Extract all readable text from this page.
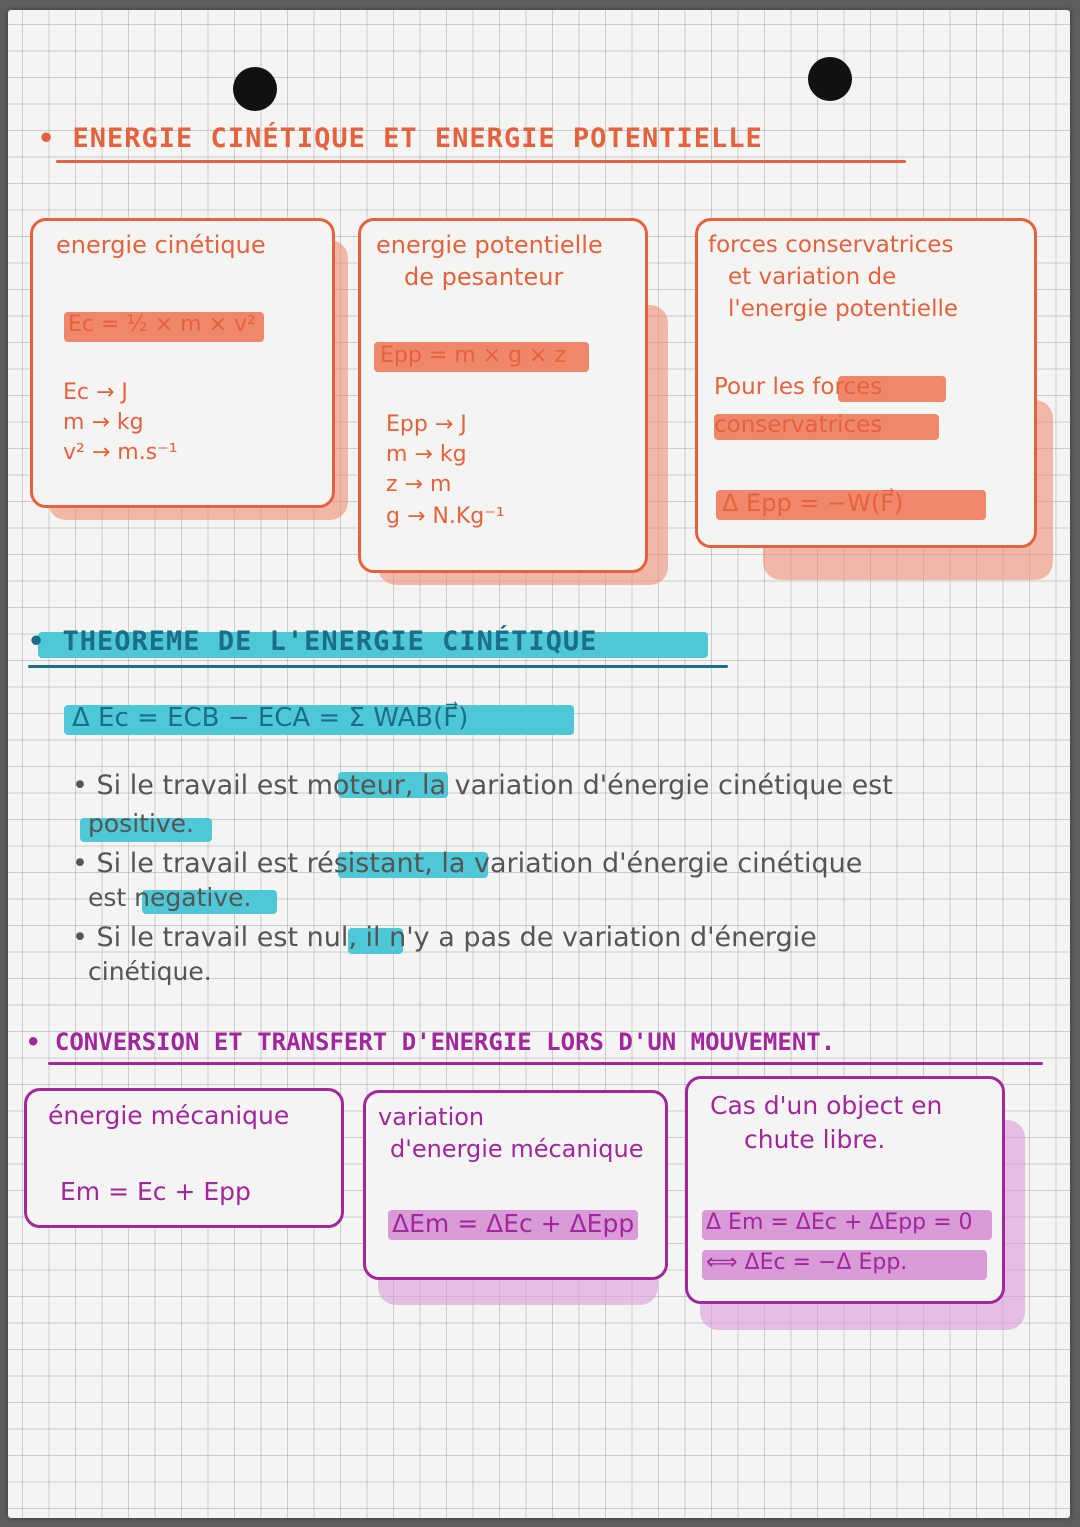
• ENERGIE CINÉTIQUE ET ENERGIE POTENTIELLE
energie cinétique
Ec = ½ × m × v²
Ec → J
m → kg
v² → m.s⁻¹
energie potentielle
de pesanteur
Epp = m × g × z
Epp → J
m → kg
z → m
g → N.Kg⁻¹
forces conservatrices
et variation de
l'energie potentielle
Pour les forces
conservatrices
Δ Epp = −W(F⃗)
• THEOREME DE L'ENERGIE CINÉTIQUE
Δ Ec = ECB − ECA = Σ WAB(F⃗)
• Si le travail est moteur, la variation d'énergie cinétique est
positive.
• Si le travail est résistant, la variation d'énergie cinétique
est negative.
• Si le travail est nul, il n'y a pas de variation d'énergie
cinétique.
• CONVERSION ET TRANSFERT D'ENERGIE LORS D'UN MOUVEMENT.
énergie mécanique
Em = Ec + Epp
variation
d'energie mécanique
ΔEm = ΔEc + ΔEpp
Cas d'un object en
chute libre.
Δ Em = ΔEc + ΔEpp = 0
⟺ ΔEc = −Δ Epp.
